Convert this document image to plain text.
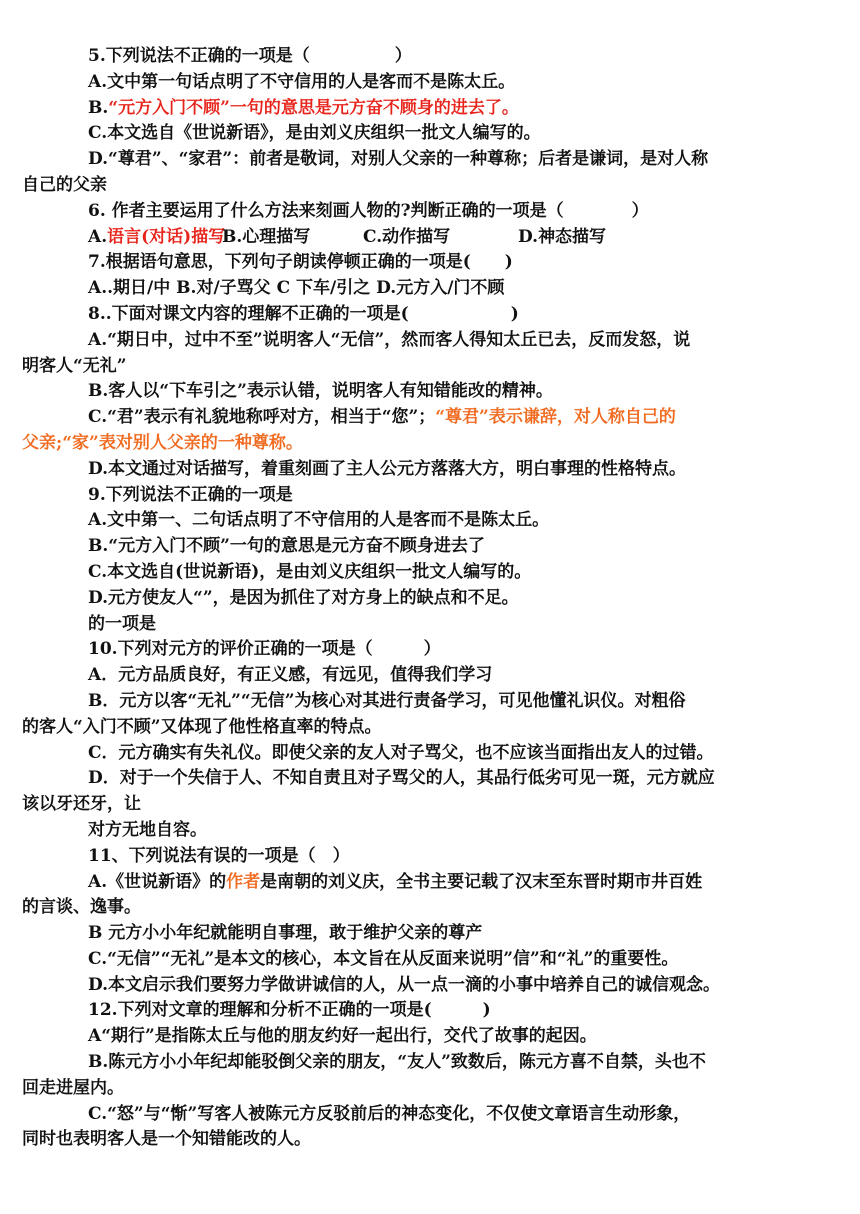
5.下列说法不正确的一项是（　　　　　）
A.文中第一句话点明了不守信用的人是客而不是陈太丘。
B.“元方入门不顾”一句的意思是元方奋不顾身的进去了。
C.本文选自《世说新语》，是由刘义庆组织一批文人编写的。
D.“尊君”、“家君”：前者是敬词，对别人父亲的一种尊称；后者是谦词，是对人称
自己的父亲
6. 作者主要运用了什么方法来刻画人物的?判断正确的一项是（　　　　）
A.语言(对话)描写B.心理描写	C.动作描写	D.神态描写
7.根据语句意思，下列句子朗读停顿正确的一项是(　　)
A..期日/中 B.对/子骂父 C 下车/引之 D.元方入/门不顾
8..下面对课文内容的理解不正确的一项是(　　　　　　)
A.“期日中，过中不至”说明客人“无信”，然而客人得知太丘已去，反而发怒，说
明客人“无礼”
B.客人以“下车引之”表示认错，说明客人有知错能改的精神。
C.“君”表示有礼貌地称呼对方，相当于“您”；“尊君”表示谦辞，对人称自己的
父亲;“家”表对别人父亲的一种尊称。
D.本文通过对话描写，着重刻画了主人公元方落落大方，明白事理的性格特点。
9.下列说法不正确的一项是
A.文中第一、二句话点明了不守信用的人是客而不是陈太丘。
B.“元方入门不顾”一句的意思是元方奋不顾身进去了
C.本文选自(世说新语)，是由刘义庆组织一批文人编写的。
D.元方使友人“”，是因为抓住了对方身上的缺点和不足。
的一项是
10.下列对元方的评价正确的一项是（　　　）
A．元方品质良好，有正义感，有远见，值得我们学习
B．元方以客“无礼”“无信”为核心对其进行责备学习，可见他懂礼识仪。对粗俗
的客人“入门不顾”又体现了他性格直率的特点。
C．元方确实有失礼仪。即使父亲的友人对子骂父，也不应该当面指出友人的过错。
D．对于一个失信于人、不知自责且对子骂父的人，其品行低劣可见一斑，元方就应
该以牙还牙，让
对方无地自容。
11、下列说法有误的一项是（　）
A.《世说新语》的作者是南朝的刘义庆，全书主要记载了汉末至东晋时期市井百姓
的言谈、逸事。
B 元方小小年纪就能明自事理，敢于维护父亲的尊产
C.“无信”“无礼”是本文的核心，本文旨在从反面来说明”信”和“礼”的重要性。
D.本文启示我们要努力学做讲诚信的人，从一点一滴的小事中培养自己的诚信观念。
12.下列对文章的理解和分析不正确的一项是(　　　)
A“期行”是指陈太丘与他的朋友约好一起出行，交代了故事的起因。
B.陈元方小小年纪却能驳倒父亲的朋友，“友人”致数后，陈元方喜不自禁，头也不
回走进屋内。
C.“怒”与“惭”写客人被陈元方反驳前后的神态变化，不仅使文章语言生动形象，
同时也表明客人是一个知错能改的人。
